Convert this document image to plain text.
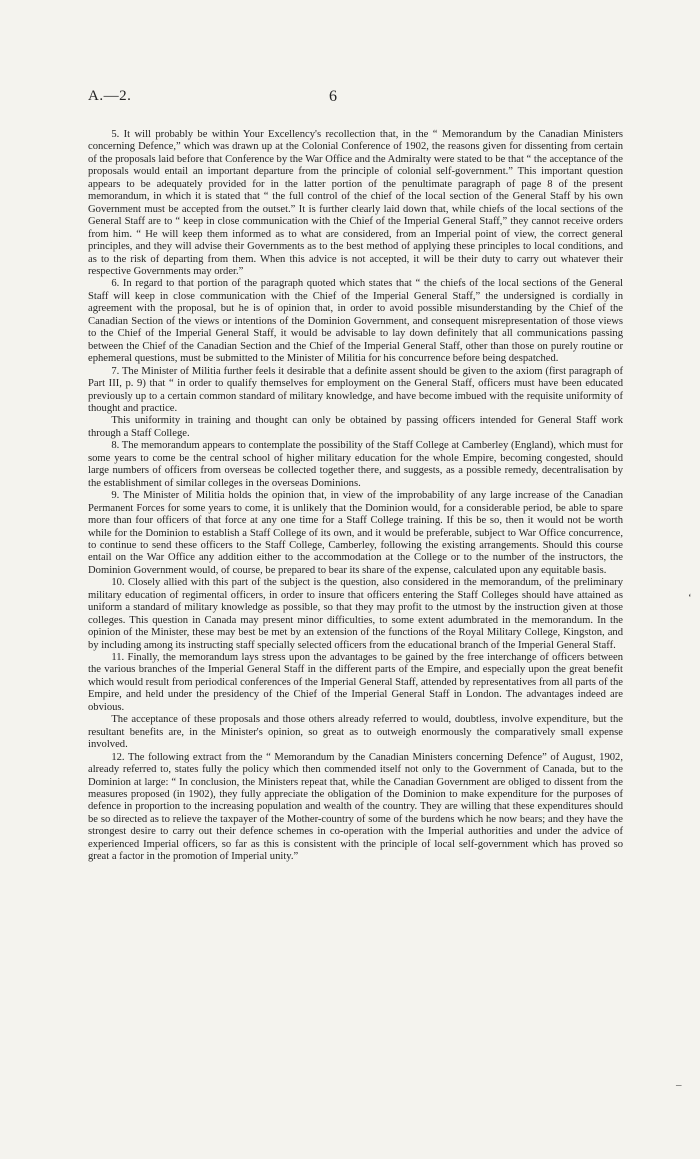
A.—2.	6

5. It will probably be within Your Excellency's recollection that, in the “ Memorandum by the Canadian Ministers concerning Defence,” which was drawn up at the Colonial Conference of 1902, the reasons given for dissenting from certain of the proposals laid before that Conference by the War Office and the Admiralty were stated to be that “ the acceptance of the proposals would entail an important departure from the principle of colonial self-government.” This important question appears to be adequately provided for in the latter portion of the penultimate paragraph of page 8 of the present memorandum, in which it is stated that “ the full control of the chief of the local section of the General Staff by his own Government must be accepted from the outset.” It is further clearly laid down that, while chiefs of the local sections of the General Staff are to “ keep in close communication with the Chief of the Imperial General Staff,” they cannot receive orders from him. “ He will keep them informed as to what are considered, from an Imperial point of view, the correct general principles, and they will advise their Governments as to the best method of applying these principles to local conditions, and as to the risk of departing from them. When this advice is not accepted, it will be their duty to carry out whatever their respective Governments may order.”

6. In regard to that portion of the paragraph quoted which states that “ the chiefs of the local sections of the General Staff will keep in close communication with the Chief of the Imperial General Staff,” the undersigned is cordially in agreement with the proposal, but he is of opinion that, in order to avoid possible misunderstanding by the Chief of the Canadian Section of the views or intentions of the Dominion Government, and consequent misrepresentation of those views to the Chief of the Imperial General Staff, it would be advisable to lay down definitely that all communications passing between the Chief of the Canadian Section and the Chief of the Imperial General Staff, other than those on purely routine or ephemeral questions, must be submitted to the Minister of Militia for his concurrence before being despatched.

7. The Minister of Militia further feels it desirable that a definite assent should be given to the axiom (first paragraph of Part III, p. 9) that “ in order to qualify themselves for employment on the General Staff, officers must have been educated previously up to a certain common standard of military knowledge, and have become imbued with the requisite uniformity of thought and practice.

This uniformity in training and thought can only be obtained by passing officers intended for General Staff work through a Staff College.

8. The memorandum appears to contemplate the possibility of the Staff College at Camberley (England), which must for some years to come be the central school of higher military education for the whole Empire, becoming congested, should large numbers of officers from overseas be collected together there, and suggests, as a possible remedy, decentralisation by the establishment of similar colleges in the overseas Dominions.

9. The Minister of Militia holds the opinion that, in view of the improbability of any large increase of the Canadian Permanent Forces for some years to come, it is unlikely that the Dominion would, for a considerable period, be able to spare more than four officers of that force at any one time for a Staff College training. If this be so, then it would not be worth while for the Dominion to establish a Staff College of its own, and it would be preferable, subject to War Office concurrence, to continue to send these officers to the Staff College, Camberley, following the existing arrangements. Should this course entail on the War Office any addition either to the accommodation at the College or to the number of the instructors, the Dominion Government would, of course, be prepared to bear its share of the expense, calculated upon any equitable basis.

10. Closely allied with this part of the subject is the question, also considered in the memorandum, of the preliminary military education of regimental officers, in order to insure that officers entering the Staff Colleges should have attained as uniform a standard of military knowledge as possible, so that they may profit to the utmost by the instruction given at those colleges. This question in Canada may present minor difficulties, to some extent adumbrated in the memorandum. In the opinion of the Minister, these may best be met by an extension of the functions of the Royal Military College, Kingston, and by including among its instructing staff specially selected officers from the educational branch of the Imperial General Staff.

11. Finally, the memorandum lays stress upon the advantages to be gained by the free interchange of officers between the various branches of the Imperial General Staff in the different parts of the Empire, and especially upon the great benefit which would result from periodical conferences of the Imperial General Staff, attended by representatives from all parts of the Empire, and held under the presidency of the Chief of the Imperial General Staff in London. The advantages indeed are obvious.

The acceptance of these proposals and those others already referred to would, doubtless, involve expenditure, but the resultant benefits are, in the Minister's opinion, so great as to outweigh enormously the comparatively small expense involved.

12. The following extract from the “ Memorandum by the Canadian Ministers concerning Defence” of August, 1902, already referred to, states fully the policy which then commended itself not only to the Government of Canada, but to the Dominion at large: “ In conclusion, the Ministers repeat that, while the Canadian Government are obliged to dissent from the measures proposed (in 1902), they fully appreciate the obligation of the Dominion to make expenditure for the purposes of defence in proportion to the increasing population and wealth of the country. They are willing that these expenditures should be so directed as to relieve the taxpayer of the Mother-country of some of the burdens which he now bears; and they have the strongest desire to carry out their defence schemes in co-operation with the Imperial authorities and under the advice of experienced Imperial officers, so far as this is consistent with the principle of local self-government which has proved so great a factor in the promotion of Imperial unity.”

‘
–
